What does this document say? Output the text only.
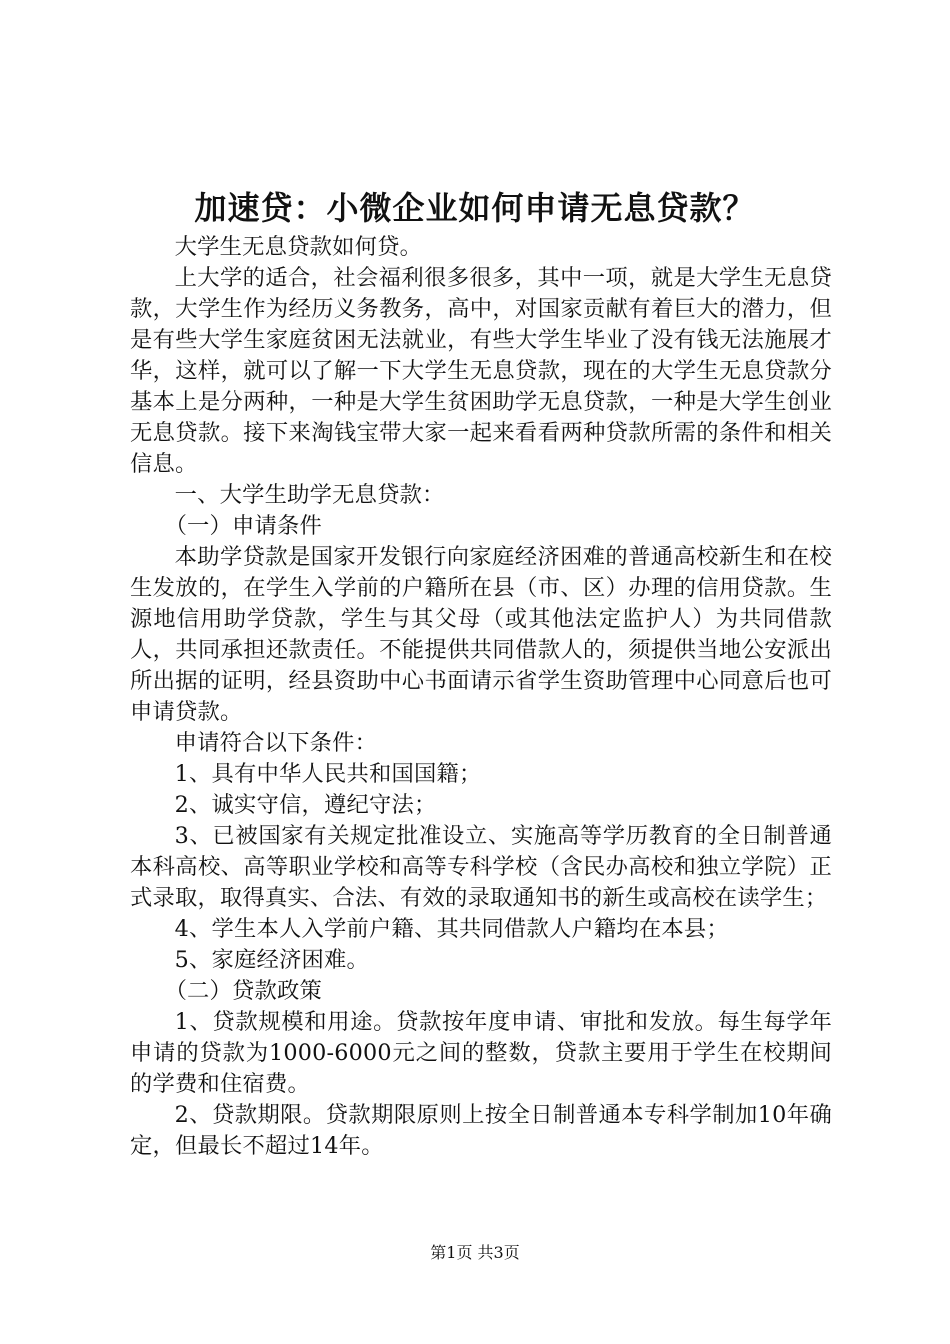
加速贷：小微企业如何申请无息贷款？

大学生无息贷款如何贷。

上大学的适合，社会福利很多很多，其中一项，就是大学生无息贷款，大学生作为经历义务教务，高中，对国家贡献有着巨大的潜力，但是有些大学生家庭贫困无法就业，有些大学生毕业了没有钱无法施展才华，这样，就可以了解一下大学生无息贷款，现在的大学生无息贷款分基本上是分两种，一种是大学生贫困助学无息贷款，一种是大学生创业无息贷款。接下来淘钱宝带大家一起来看看两种贷款所需的条件和相关信息。

一、大学生助学无息贷款：

（一）申请条件

本助学贷款是国家开发银行向家庭经济困难的普通高校新生和在校生发放的，在学生入学前的户籍所在县（市、区）办理的信用贷款。生源地信用助学贷款，学生与其父母（或其他法定监护人）为共同借款人，共同承担还款责任。不能提供共同借款人的，须提供当地公安派出所出据的证明，经县资助中心书面请示省学生资助管理中心同意后也可申请贷款。

申请符合以下条件：

1、具有中华人民共和国国籍；

2、诚实守信，遵纪守法；

3、已被国家有关规定批准设立、实施高等学历教育的全日制普通本科高校、高等职业学校和高等专科学校（含民办高校和独立学院）正式录取，取得真实、合法、有效的录取通知书的新生或高校在读学生；

4、学生本人入学前户籍、其共同借款人户籍均在本县；

5、家庭经济困难。

（二）贷款政策

1、贷款规模和用途。贷款按年度申请、审批和发放。每生每学年申请的贷款为1000-6000元之间的整数，贷款主要用于学生在校期间的学费和住宿费。

2、贷款期限。贷款期限原则上按全日制普通本专科学制加10年确定，但最长不超过14年。

第1页 共3页
